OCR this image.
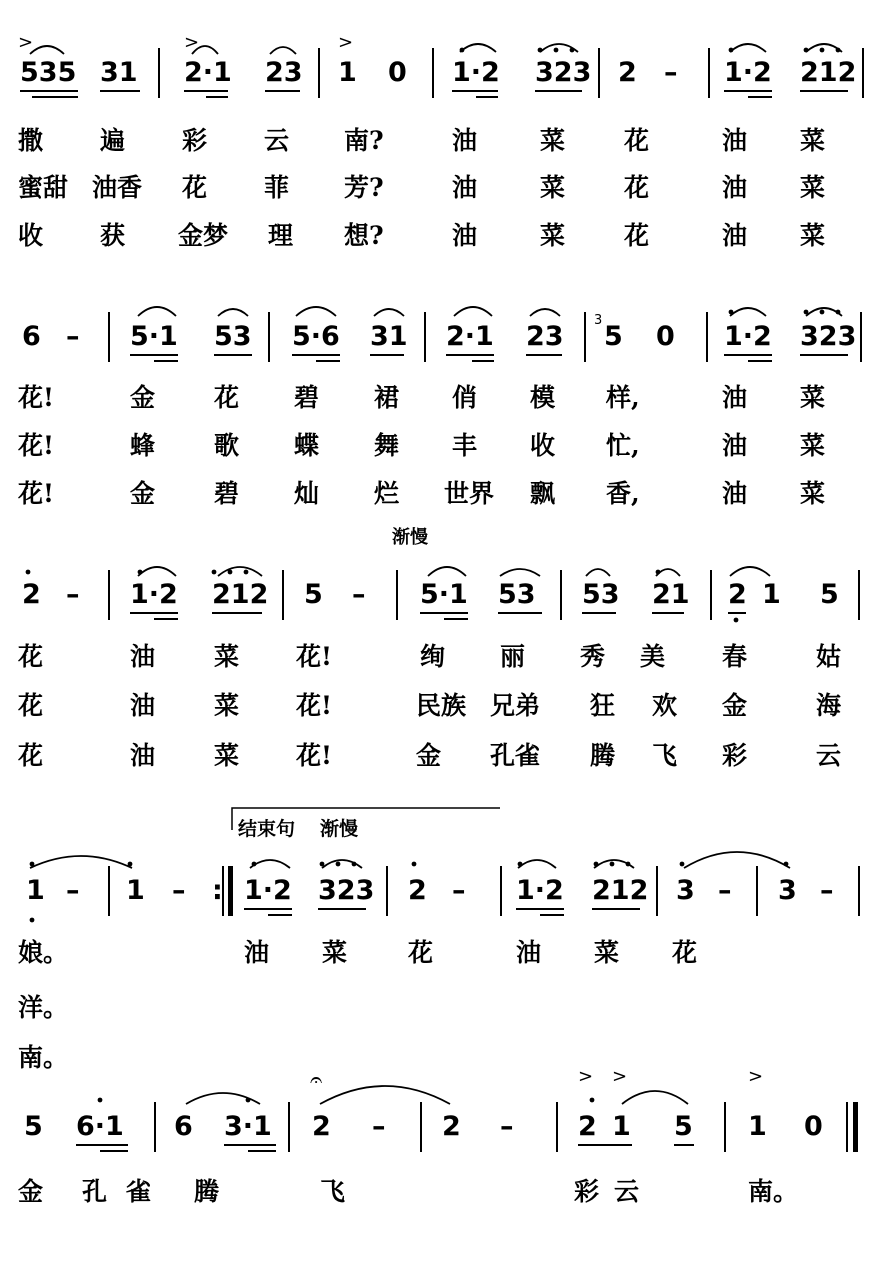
>
535 31
>
2·1 23
>
1 0 1·2 323 2 – 1·2 212
撒 遍 彩 云 南?	油	菜 花	油 菜
蜜甜 油香 花 菲 芳?	油	菜 花	油 菜
收 获 金梦 理 想?	油	菜 花	油 菜
6 – 5·1 53 5·6 31 2·1 23
3
5 0 1·2 323
花!	金 花 碧 裙 俏 模 样,	油 菜
花!	蜂 歌 蝶 舞 丰 收 忙,	油 菜
花!	金 碧 灿 烂 世界 飘 香,	油 菜
渐慢
2 – 1·2 212 5 – 5·1 53 53 21 2 1 5
花	油 菜 花!	绚 丽 秀 美 春	姑
花	油 菜 花!	民族 兄弟 狂 欢 金	海
花	油 菜 花!	金 孔雀 腾 飞 彩	云
结束句 渐慢
1 – 1 – : 1·2 323 2 – 1·2 212 3 – 3 –
娘。	油 菜 花	油 菜 花
洋。
南。
5 6·1 6 3·1
𝄐
2 – 2 –
>
2
>
1 5
>
1 0
金 孔 雀 腾	飞	彩 云	南。
